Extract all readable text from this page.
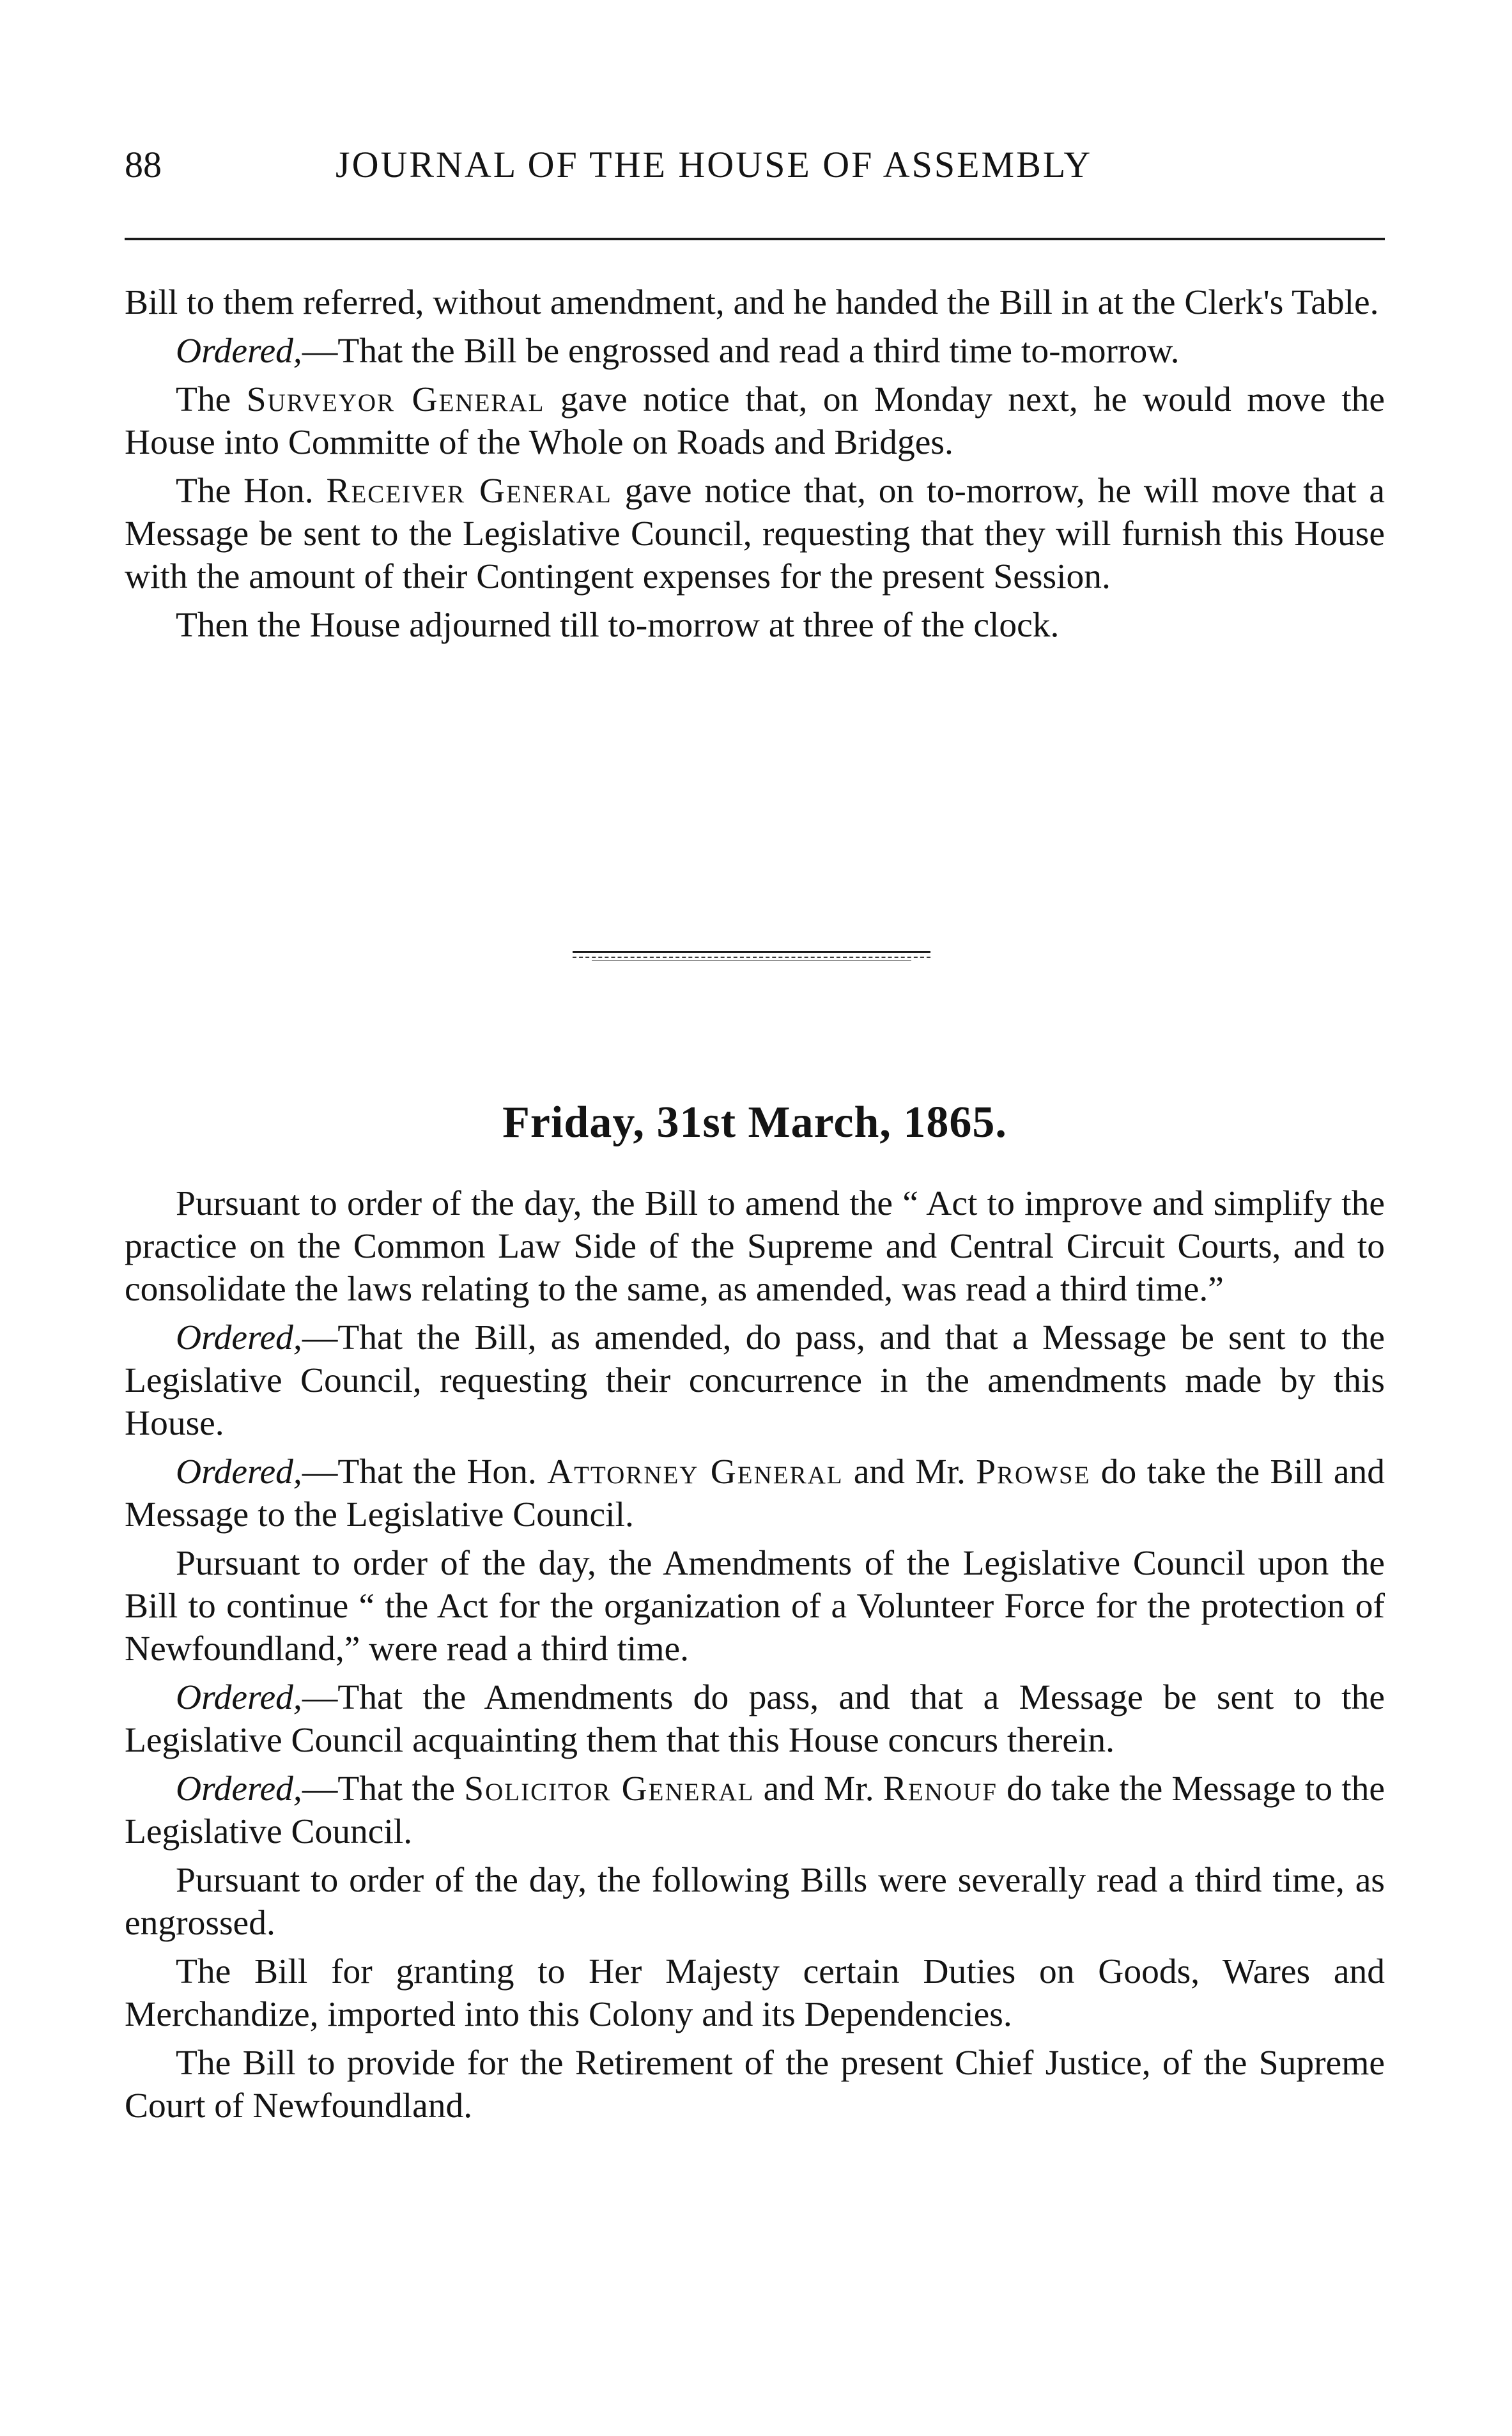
88	JOURNAL OF THE HOUSE OF ASSEMBLY

Bill to them referred, without amendment, and he handed the Bill in at the Clerk's Table.

Ordered,—That the Bill be engrossed and read a third time to-morrow.

The Surveyor General gave notice that, on Monday next, he would move the House into Committe of the Whole on Roads and Bridges.

The Hon. Receiver General gave notice that, on to-morrow, he will move that a Message be sent to the Legislative Council, requesting that they will furnish this House with the amount of their Contingent expenses for the present Session.

Then the House adjourned till to-morrow at three of the clock.

Friday, 31st March, 1865.

Pursuant to order of the day, the Bill to amend the “ Act to improve and simplify the practice on the Common Law Side of the Supreme and Central Circuit Courts, and to consolidate the laws relating to the same, as amended, was read a third time.”

Ordered,—That the Bill, as amended, do pass, and that a Message be sent to the Legislative Council, requesting their concurrence in the amendments made by this House.

Ordered,—That the Hon. Attorney General and Mr. Prowse do take the Bill and Message to the Legislative Council.

Pursuant to order of the day, the Amendments of the Legislative Council upon the Bill to continue “ the Act for the organization of a Volunteer Force for the protection of Newfoundland,” were read a third time.

Ordered,—That the Amendments do pass, and that a Message be sent to the Legislative Council acquainting them that this House concurs therein.

Ordered,—That the Solicitor General and Mr. Renouf do take the Message to the Legislative Council.

Pursuant to order of the day, the following Bills were severally read a third time, as engrossed.

The Bill for granting to Her Majesty certain Duties on Goods, Wares and Merchandize, imported into this Colony and its Dependencies.

The Bill to provide for the Retirement of the present Chief Justice, of the Supreme Court of Newfoundland.
